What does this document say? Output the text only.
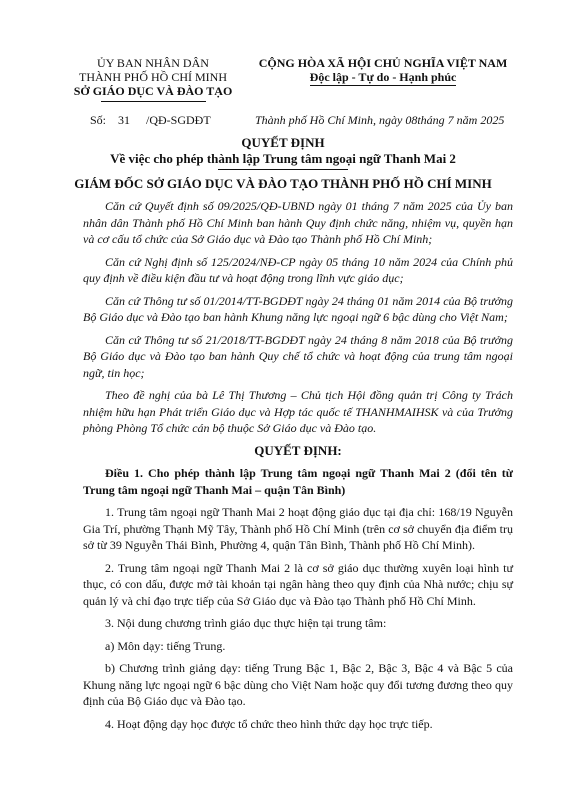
ỦY BAN NHÂN DÂN
THÀNH PHỐ HỒ CHÍ MINH
SỞ GIÁO DỤC VÀ ĐÀO TẠO
CỘNG HÒA XÃ HỘI CHỦ NGHĨA VIỆT NAM
Độc lập - Tự do - Hạnh phúc
Số: 31 /QĐ-SGDĐT	Thành phố Hồ Chí Minh, ngày 08tháng 7 năm 2025
QUYẾT ĐỊNH
Về việc cho phép thành lập Trung tâm ngoại ngữ Thanh Mai 2
GIÁM ĐỐC SỞ GIÁO DỤC VÀ ĐÀO TẠO THÀNH PHỐ HỒ CHÍ MINH

Căn cứ Quyết định số 09/2025/QĐ-UBND ngày 01 tháng 7 năm 2025 của Ủy ban nhân dân Thành phố Hồ Chí Minh ban hành Quy định chức năng, nhiệm vụ, quyền hạn và cơ cấu tổ chức của Sở Giáo dục và Đào tạo Thành phố Hồ Chí Minh;

Căn cứ Nghị định số 125/2024/NĐ-CP ngày 05 tháng 10 năm 2024 của Chính phủ quy định về điều kiện đầu tư và hoạt động trong lĩnh vực giáo dục;

Căn cứ Thông tư số 01/2014/TT-BGDĐT ngày 24 tháng 01 năm 2014 của Bộ trưởng Bộ Giáo dục và Đào tạo ban hành Khung năng lực ngoại ngữ 6 bậc dùng cho Việt Nam;

Căn cứ Thông tư số 21/2018/TT-BGDĐT ngày 24 tháng 8 năm 2018 của Bộ trưởng Bộ Giáo dục và Đào tạo ban hành Quy chế tổ chức và hoạt động của trung tâm ngoại ngữ, tin học;

Theo đề nghị của bà Lê Thị Thương – Chủ tịch Hội đồng quản trị Công ty Trách nhiệm hữu hạn Phát triển Giáo dục và Hợp tác quốc tế THANHMAIHSK và của Trưởng phòng Phòng Tổ chức cán bộ thuộc Sở Giáo dục và Đào tạo.

QUYẾT ĐỊNH:

Điều 1. Cho phép thành lập Trung tâm ngoại ngữ Thanh Mai 2 (đổi tên từ Trung tâm ngoại ngữ Thanh Mai – quận Tân Bình)

1. Trung tâm ngoại ngữ Thanh Mai 2 hoạt động giáo dục tại địa chỉ: 168/19 Nguyễn Gia Trí, phường Thạnh Mỹ Tây, Thành phố Hồ Chí Minh (trên cơ sở chuyển địa điểm trụ sở từ 39 Nguyễn Thái Bình, Phường 4, quận Tân Bình, Thành phố Hồ Chí Minh).

2. Trung tâm ngoại ngữ Thanh Mai 2 là cơ sở giáo dục thường xuyên loại hình tư thục, có con dấu, được mở tài khoản tại ngân hàng theo quy định của Nhà nước; chịu sự quản lý và chỉ đạo trực tiếp của Sở Giáo dục và Đào tạo Thành phố Hồ Chí Minh.

3. Nội dung chương trình giáo dục thực hiện tại trung tâm:

a) Môn dạy: tiếng Trung.

b) Chương trình giảng dạy: tiếng Trung Bậc 1, Bậc 2, Bậc 3, Bậc 4 và Bậc 5 của Khung năng lực ngoại ngữ 6 bậc dùng cho Việt Nam hoặc quy đổi tương đương theo quy định của Bộ Giáo dục và Đào tạo.

4. Hoạt động dạy học được tổ chức theo hình thức dạy học trực tiếp.
